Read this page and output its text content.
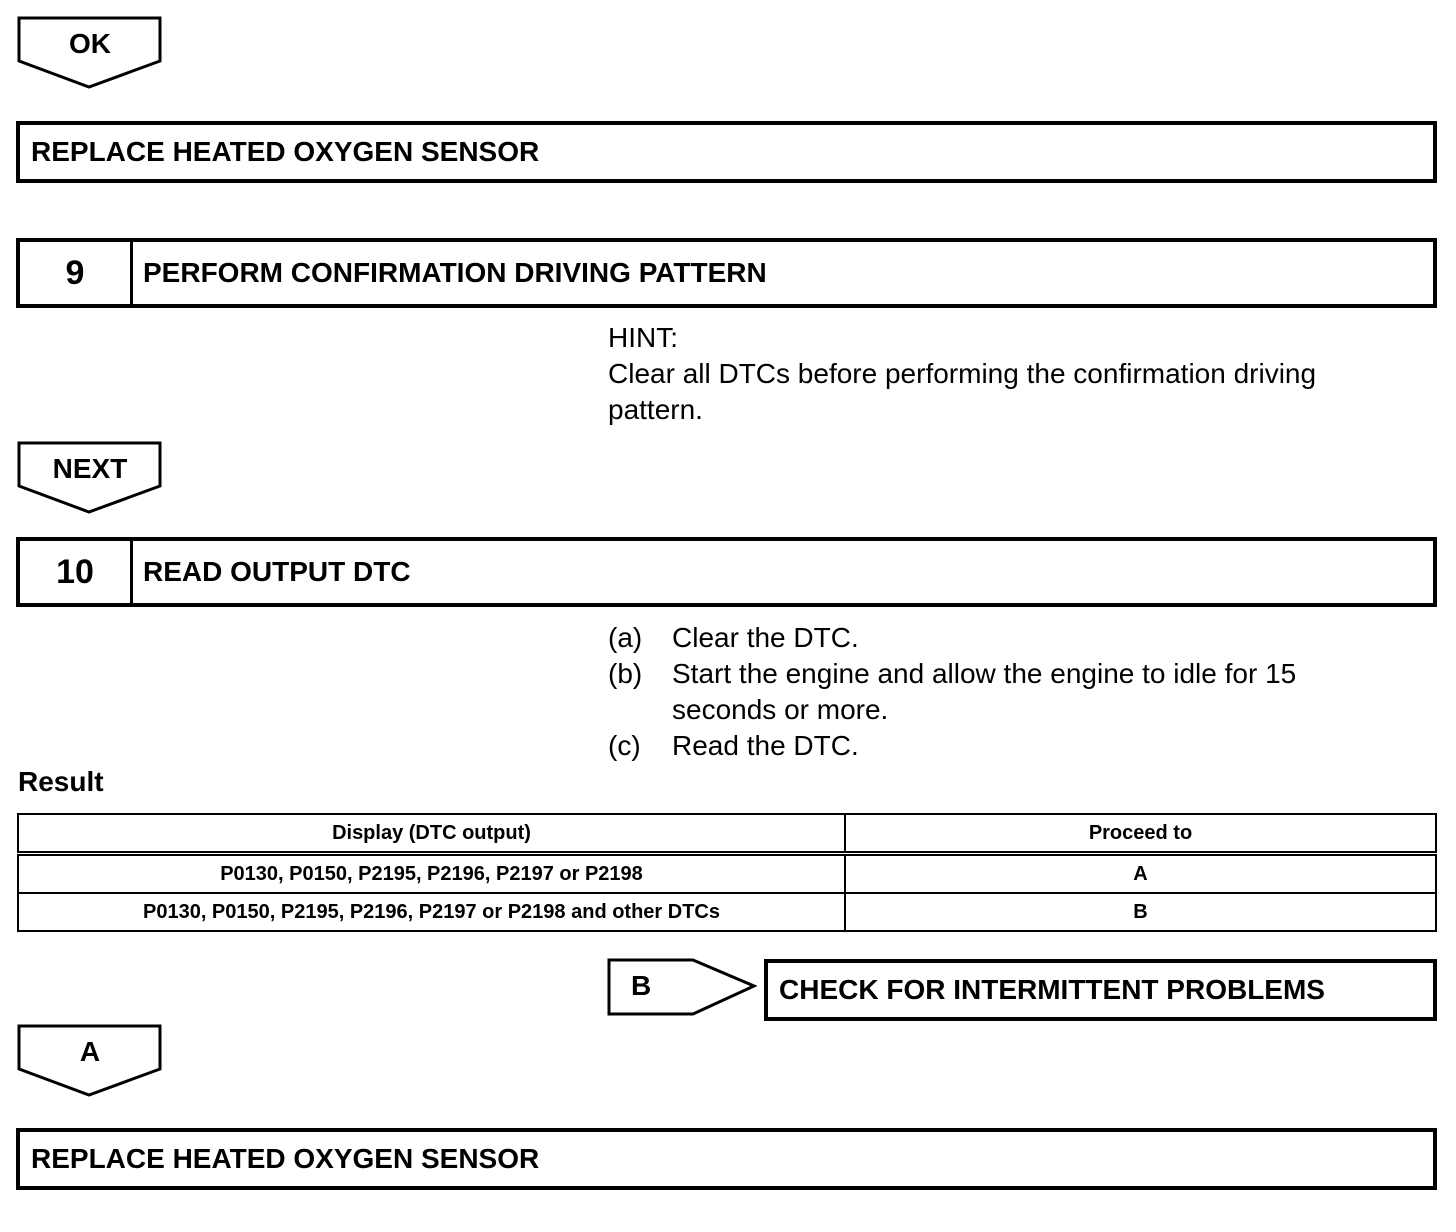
OK
REPLACE HEATED OXYGEN SENSOR
9	PERFORM CONFIRMATION DRIVING PATTERN
HINT:
Clear all DTCs before performing the confirmation driving pattern.
NEXT
10	READ OUTPUT DTC
(a) Clear the DTC.
(b) Start the engine and allow the engine to idle for 15 seconds or more.
(c) Read the DTC.
Result
Display (DTC output)	Proceed to
P0130, P0150, P2195, P2196, P2197 or P2198	A
P0130, P0150, P2195, P2196, P2197 or P2198 and other DTCs	B
B	CHECK FOR INTERMITTENT PROBLEMS
A
REPLACE HEATED OXYGEN SENSOR
